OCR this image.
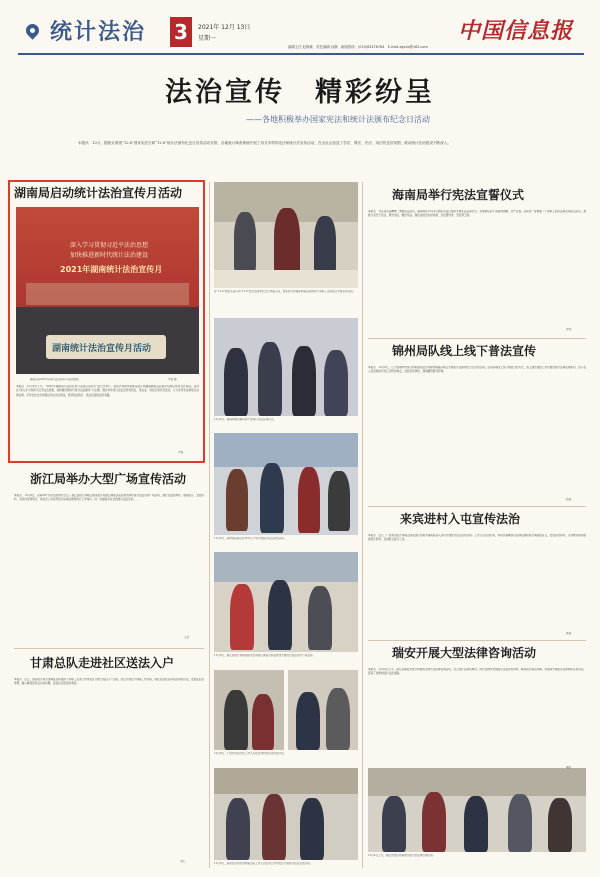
统计法治 3	2021年 12月 13日
星期一	中国信息报
编辑主任 赵海斌　责任编辑 孙静　新闻热线：(010)63376784　E-mail:zgxxb@163.com
法治宣传　精彩纷呈
——各地积极举办国家宪法和统计法颁布纪念日活动
本报讯　12月，据统计系统“12·4”国家宪法日和“12·8”统计法颁布纪念日宣传活动安排，各地统计调查系统开展了形式多样的宪法和统计法宣传活动，在全社会营造了学法、尊法、守法、用法的良好氛围，推动统计法治建设不断深入。
湖南局启动统计法治宣传月活动
深入学习贯彻习近平法治思想
加快推进新时代统计法治建设
2021年湖南统计法治宣传月
湖南统计法治宣传月活动
湖南启动2021年统计法治宣传月活动现场。	罗蕾 摄
本报讯　12月6日下午，“2021年湖南统计法治宣传月活动启动仪式”在长沙举行，省统计局领导和国家统计局湖南调查总队领导出席启动仪式并讲话。活动以“深入学习贯彻习近平法治思想，加快推进新时代统计法治建设”为主题，通过举办统计法治宣传进机关、进企业、进社区等系列活动，大力宣传宪法和统计法律法规，引导全社会自觉尊法学法守法用法，营造依法统计、依法治统的良好氛围。
罗蕾
在“12·4”国家宪法日和“12·8”统计法颁布纪念日来临之际，国家统计局湖北调查总队组织干部职工走进社区开展宣传活动。
12月4日，海南局组织新任职干部进行宪法宣誓仪式。
12月8日，锦州局队联合在市中心广场开展统计法治宣传活动。
12月8日，浙江省统计局和国家统计局浙江调查总队在杭州开展统计法治宣传广场活动。
12月8日，广西来宾统计局工作人员在农村向村民宣传统计法。
12月6日，国家统计局甘肃调查总队工作人员走进兰州市社区开展统计法治宣传活动。
海南局举行宪法宣誓仪式
本报讯　为弘扬宪法精神，增强宪法意识，海南局在12月4日国家宪法日组织开展宪法宣誓仪式。全体新任职干部面向国旗，庄严宣誓。活动进一步增强了干部职工的宪法观念和法治意识，激励大家忠于宪法、遵守宪法、维护宪法，做宪法的忠实崇尚者、自觉遵守者、坚定捍卫者。
符明
锦州局队线上线下普法宣传
本报讯　12月8日，辽宁省锦州市统计局和国家统计局锦州调查队联合开展统计法颁布纪念日宣传活动。活动采取线上线下相结合的方式，线上通过微信公众号推送统计法律法规知识，线下在人员密集场所设立宣传咨询点，发放宣传资料，现场解答群众咨询。
赵丽
浙江局举办大型广场宣传活动
本报讯　12月8日，是第38个统计法颁布纪念日。浙江省统计局联合国家统计局浙江调查总队在杭州举办统计法治宣传广场活动，通过设置咨询台、展板展示、发放资料、有奖问答等形式，向社会公众宣传统计法律法规和统计工作知识，进一步提高全社会的统计法治意识。
王浩
来宾进村入屯宣传法治
本报讯　近日，广西来宾统计局联合国家统计局来宾调查队深入乡村开展统计法治宣传活动。工作人员走进村屯，向村民讲解统计法律法规和统计调查的意义，发放宣传资料，引导群众如实提供统计资料，支持配合统计工作。
黄丽
甘肃总队走进社区送法入户
本报讯　近日，国家统计局甘肃调查总队组织干部职工走进兰州市社区开展“送法入户”活动，结合开展住户调查工作实际，向社区居民宣讲宪法和统计法，发放法治宣传册，耐心解答居民关心的问题，受到社区居民的欢迎。
刘玉
瑞安开展大型法律咨询活动
本报讯　12月4日上午，浙江省瑞安市统计局参加当地大型法律咨询活动，设立统计法律咨询台，向过往群众发放统计法治宣传资料，解答统计相关问题，并现场开展统计法律知识有奖问答，营造了浓厚的统计法治氛围。
12月4日上午，瑞安市统计局参加当地大型法律咨询活动。
瑞统
